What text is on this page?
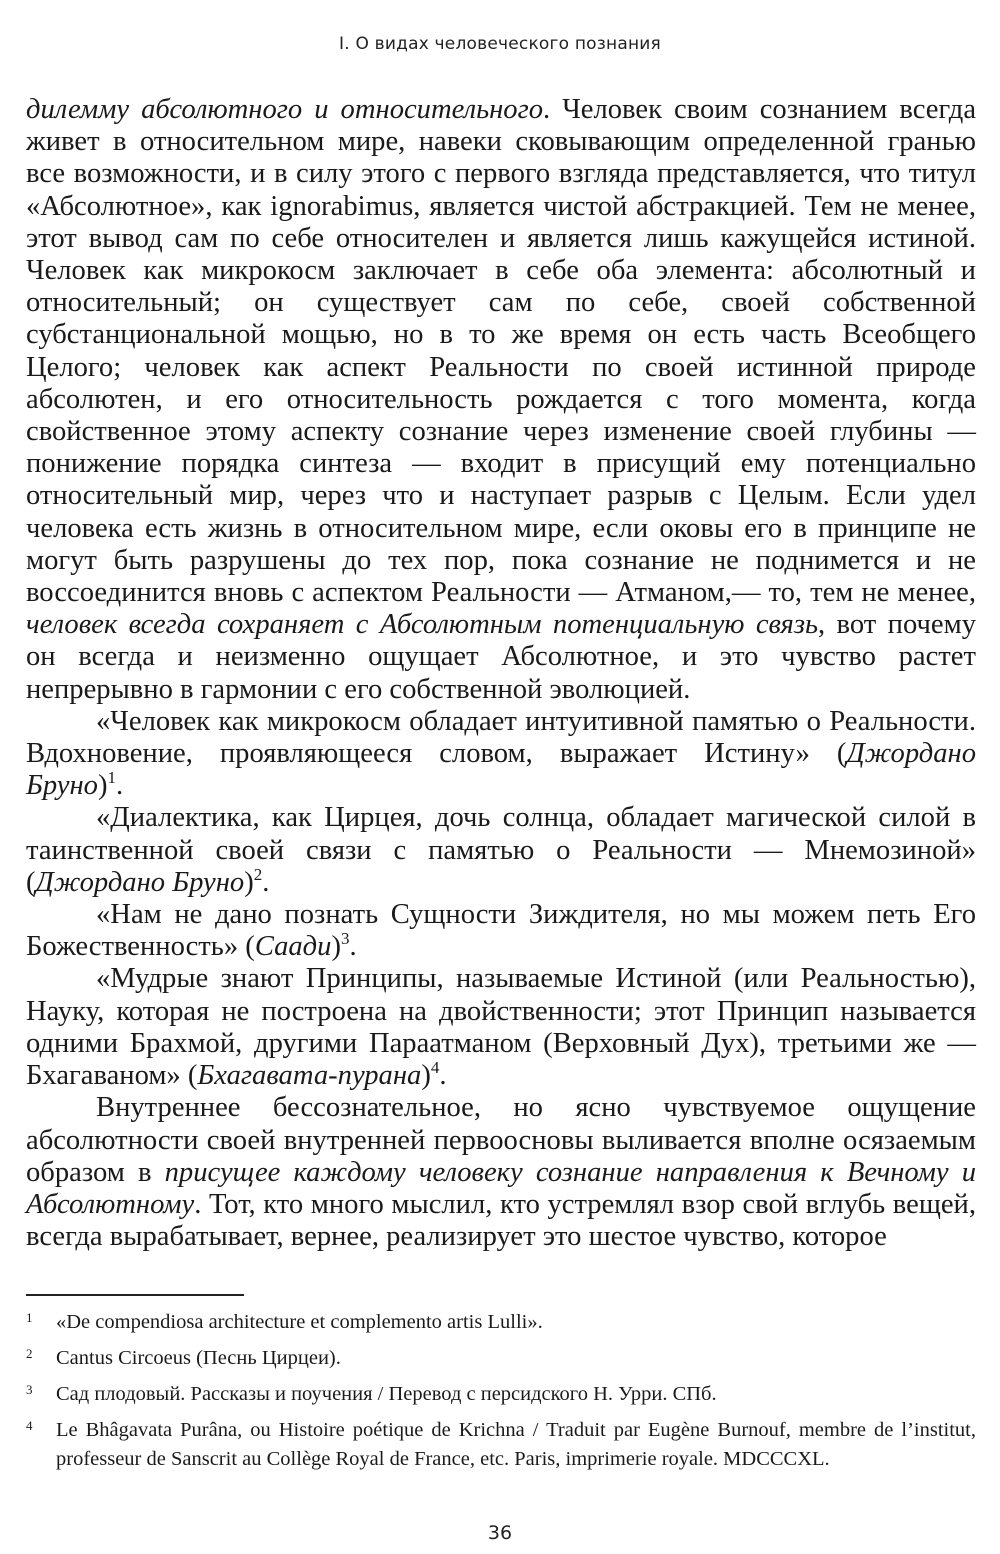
I. О видах человеческого познания

дилемму абсолютного и относительного. Человек своим сознанием всегда живет в относительном мире, навеки сковывающим определенной гранью все возможности, и в силу этого с первого взгляда представляется, что титул «Абсолютное», как ignorabimus, является чистой абстракцией. Тем не менее, этот вывод сам по себе относителен и является лишь кажущейся истиной. Человек как микрокосм заключает в себе оба элемента: абсолютный и относительный; он существует сам по себе, своей собственной субстанциональной мощью, но в то же время он есть часть Всеобщего Целого; человек как аспект Реальности по своей истинной природе абсолютен, и его относительность рождается с того момента, когда свойственное этому аспекту сознание через изменение своей глубины — понижение порядка синтеза — входит в присущий ему потенциально относительный мир, через что и наступает разрыв с Целым. Если удел человека есть жизнь в относительном мире, если оковы его в принципе не могут быть разрушены до тех пор, пока сознание не поднимется и не воссоединится вновь с аспектом Реальности — Атманом,— то, тем не менее, человек всегда сохраняет с Абсолютным потенциальную связь, вот почему он всегда и неизменно ощущает Абсолютное, и это чувство растет непрерывно в гармонии с его собственной эволюцией.

«Человек как микрокосм обладает интуитивной памятью о Реальности. Вдохновение, проявляющееся словом, выражает Истину» (Джордано Бруно)$^1$.

«Диалектика, как Цирцея, дочь солнца, обладает магической силой в таинственной своей связи с памятью о Реальности — Мнемозиной» (Джордано Бруно)$^2$.

«Нам не дано познать Сущности Зиждителя, но мы можем петь Его Божественность» (Саади)$^3$.

«Мудрые знают Принципы, называемые Истиной (или Реальностью), Науку, которая не построена на двойственности; этот Принцип называется одними Брахмой, другими Параатманом (Верховный Дух), третьими же — Бхагаваном» (Бхагавата-пурана)$^4$.

Внутреннее бессознательное, но ясно чувствуемое ощущение абсолютности своей внутренней первоосновы выливается вполне осязаемым образом в присущее каждому человеку сознание направления к Вечному и Абсолютному. Тот, кто много мыслил, кто устремлял взор свой вглубь вещей, всегда вырабатывает, вернее, реализирует это шестое чувство, которое

1 «De compendiosa architecture et complemento artis Lulli».
2 Cantus Circoeus (Песнь Цирцеи).
3 Сад плодовый. Рассказы и поучения / Перевод с персидского Н. Урри. СПб.
4 Le Bhâgavata Purâna, ou Histoire poétique de Krichna / Traduit par Eugène Burnouf, membre de l’institut, professeur de Sanscrit au Collège Royal de France, etc. Paris, imprimerie royale. MDCCCXL.
36
